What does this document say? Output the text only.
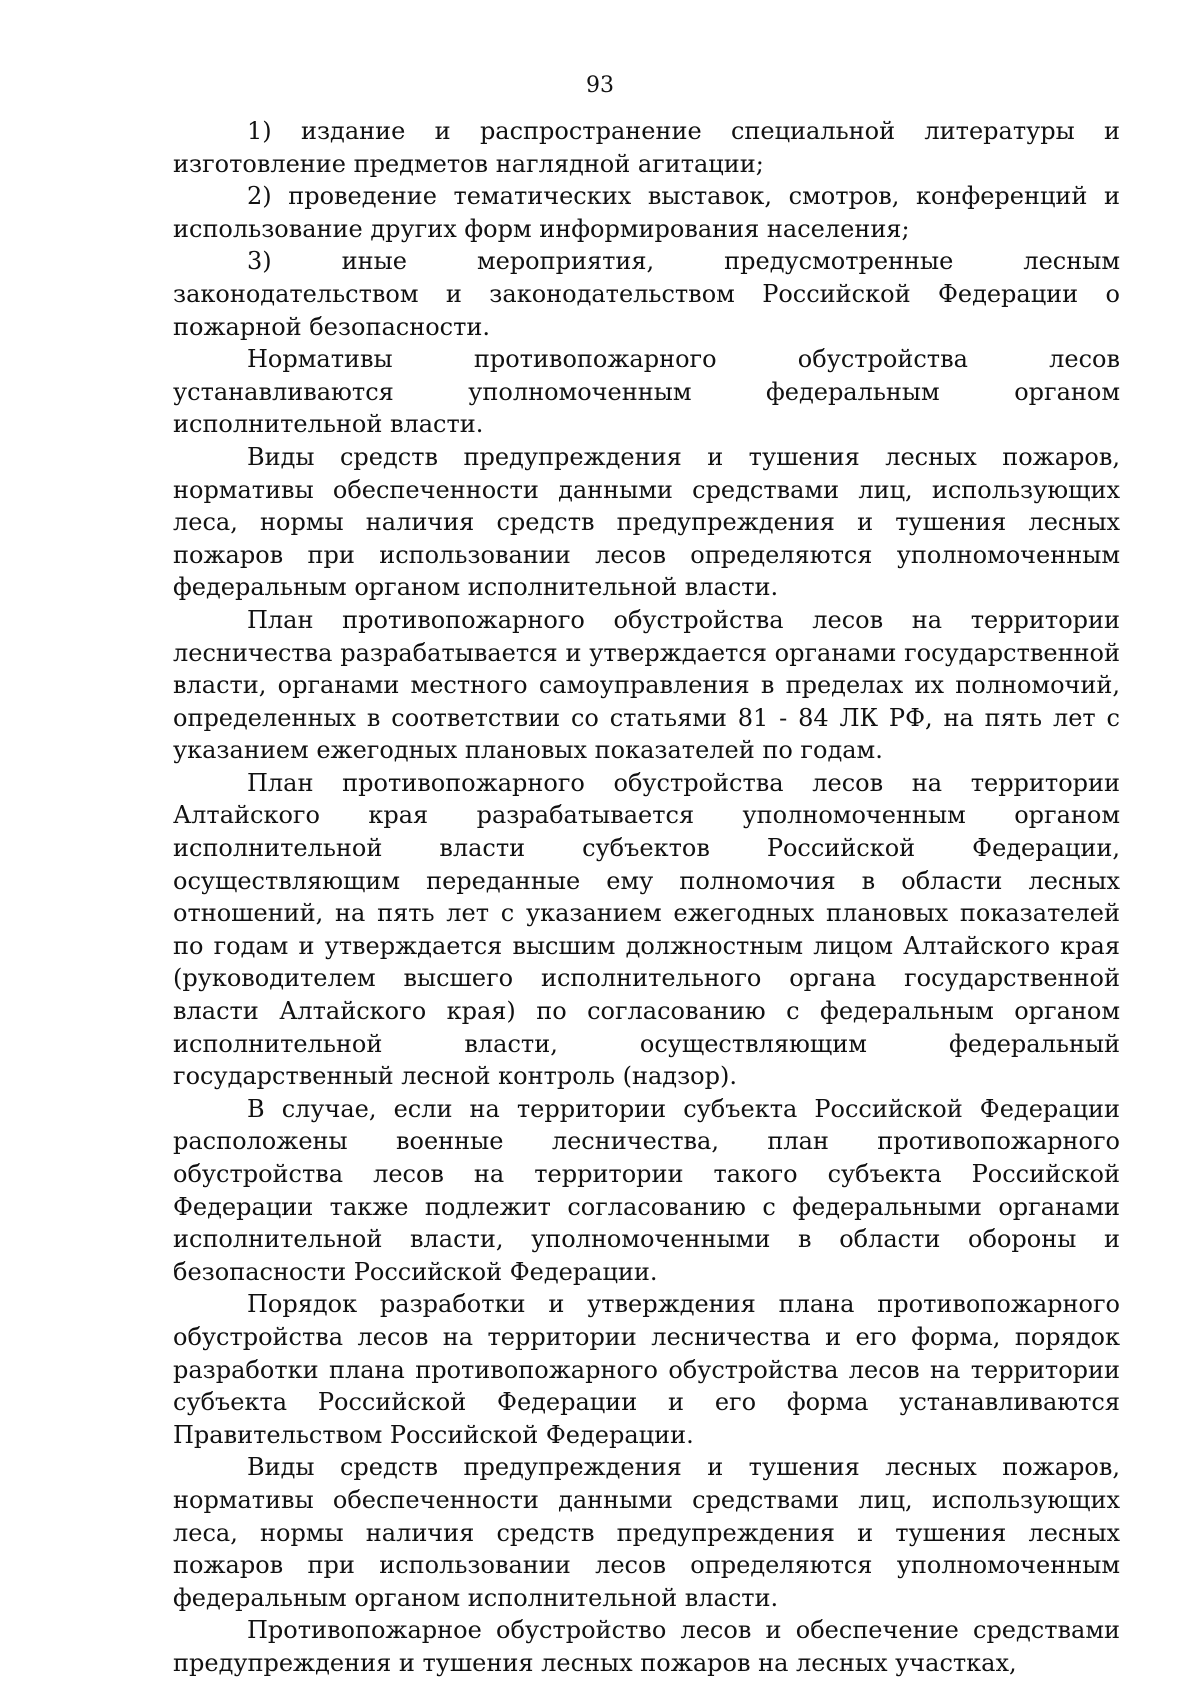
93

1) издание и распространение специальной литературы и изготовление предметов наглядной агитации;

2) проведение тематических выставок, смотров, конференций и использование других форм информирования населения;

3) иные мероприятия, предусмотренные лесным законодательством и законодательством Российской Федерации о пожарной безопасности.

Нормативы противопожарного обустройства лесов устанавливаются уполномоченным федеральным органом исполнительной власти.

Виды средств предупреждения и тушения лесных пожаров, нормативы обеспеченности данными средствами лиц, использующих леса, нормы наличия средств предупреждения и тушения лесных пожаров при использовании лесов определяются уполномоченным федеральным органом исполнительной власти.

План противопожарного обустройства лесов на территории лесничества разрабатывается и утверждается органами государственной власти, органами местного самоуправления в пределах их полномочий, определенных в соответствии со статьями 81 - 84 ЛК РФ, на пять лет с указанием ежегодных плановых показателей по годам.

План противопожарного обустройства лесов на территории Алтайского края разрабатывается уполномоченным органом исполнительной власти субъектов Российской Федерации, осуществляющим переданные ему полномочия в области лесных отношений, на пять лет с указанием ежегодных плановых показателей по годам и утверждается высшим должностным лицом Алтайского края (руководителем высшего исполнительного органа государственной власти Алтайского края) по согласованию с федеральным органом исполнительной власти, осуществляющим федеральный государственный лесной контроль (надзор).

В случае, если на территории субъекта Российской Федерации расположены военные лесничества, план противопожарного обустройства лесов на территории такого субъекта Российской Федерации также подлежит согласованию с федеральными органами исполнительной власти, уполномоченными в области обороны и безопасности Российской Федерации.

Порядок разработки и утверждения плана противопожарного обустройства лесов на территории лесничества и его форма, порядок разработки плана противопожарного обустройства лесов на территории субъекта Российской Федерации и его форма устанавливаются Правительством Российской Федерации.

Виды средств предупреждения и тушения лесных пожаров, нормативы обеспеченности данными средствами лиц, использующих леса, нормы наличия средств предупреждения и тушения лесных пожаров при использовании лесов определяются уполномоченным федеральным органом исполнительной власти.

Противопожарное обустройство лесов и обеспечение средствами предупреждения и тушения лесных пожаров на лесных участках,
